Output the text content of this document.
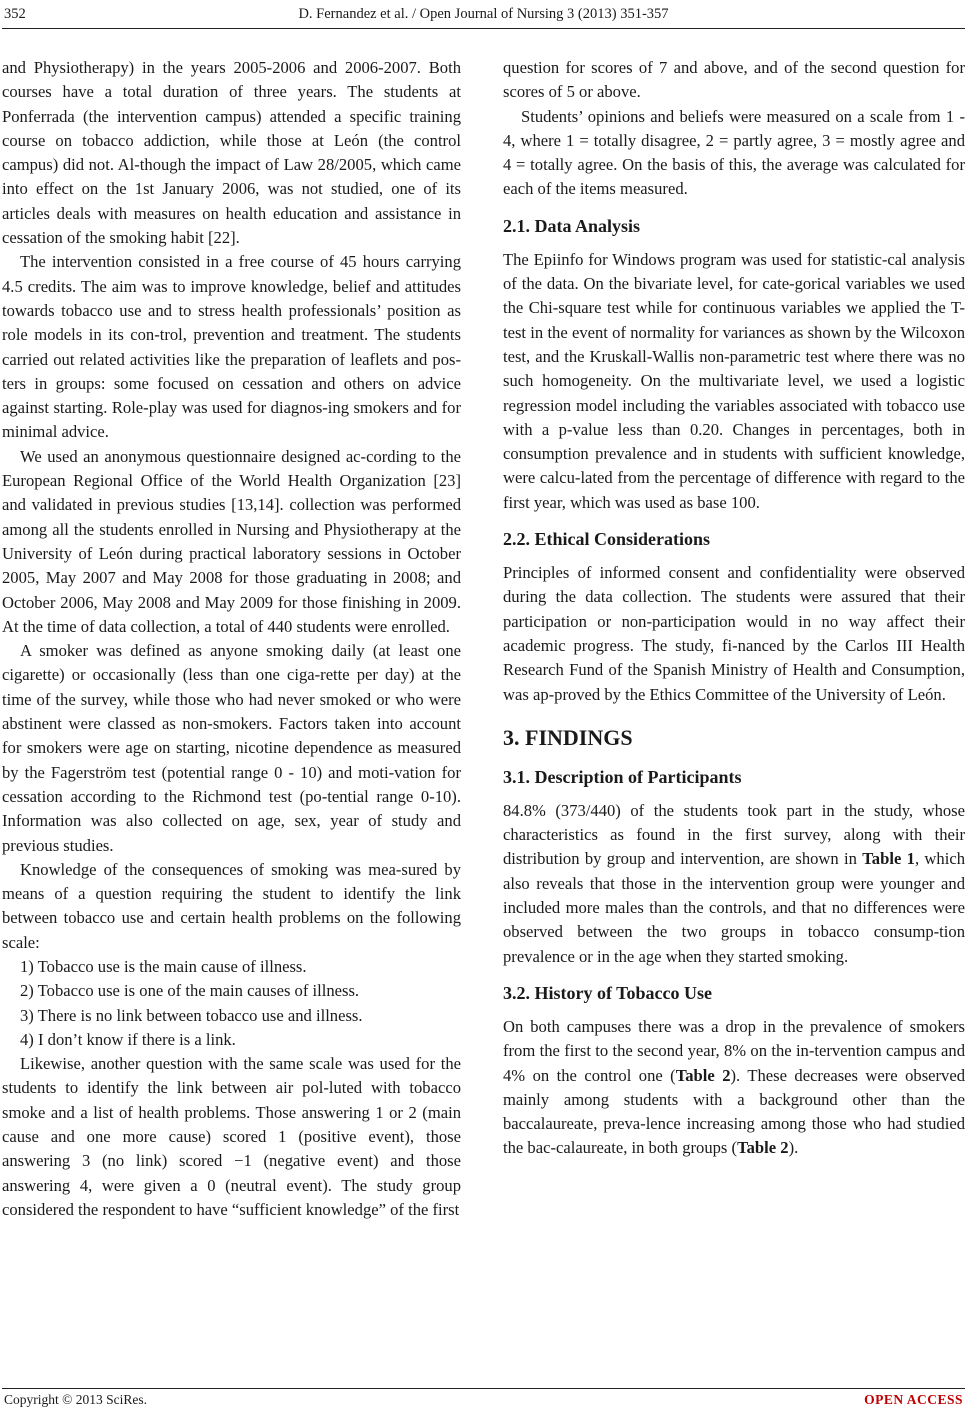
352	D. Fernandez et al. / Open Journal of Nursing 3 (2013) 351-357

and Physiotherapy) in the years 2005-2006 and 2006-2007. Both courses have a total duration of three years. The students at Ponferrada (the intervention campus) attended a specific training course on tobacco addiction, while those at León (the control campus) did not. Al-though the impact of Law 28/2005, which came into effect on the 1st January 2006, was not studied, one of its articles deals with measures on health education and assistance in cessation of the smoking habit [22].

The intervention consisted in a free course of 45 hours carrying 4.5 credits. The aim was to improve knowledge, belief and attitudes towards tobacco use and to stress health professionals’ position as role models in its con-trol, prevention and treatment. The students carried out related activities like the preparation of leaflets and pos-ters in groups: some focused on cessation and others on advice against starting. Role-play was used for diagnos-ing smokers and for minimal advice.

We used an anonymous questionnaire designed ac-cording to the European Regional Office of the World Health Organization [23] and validated in previous studies [13,14]. collection was performed among all the students enrolled in Nursing and Physiotherapy at the University of León during practical laboratory sessions in October 2005, May 2007 and May 2008 for those graduating in 2008; and October 2006, May 2008 and May 2009 for those finishing in 2009. At the time of data collection, a total of 440 students were enrolled.

A smoker was defined as anyone smoking daily (at least one cigarette) or occasionally (less than one ciga-rette per day) at the time of the survey, while those who had never smoked or who were abstinent were classed as non-smokers. Factors taken into account for smokers were age on starting, nicotine dependence as measured by the Fagerström test (potential range 0 - 10) and moti-vation for cessation according to the Richmond test (po-tential range 0-10). Information was also collected on age, sex, year of study and previous studies.

Knowledge of the consequences of smoking was mea-sured by means of a question requiring the student to identify the link between tobacco use and certain health problems on the following scale:

1) Tobacco use is the main cause of illness.

2) Tobacco use is one of the main causes of illness.

3) There is no link between tobacco use and illness.

4) I don’t know if there is a link.

Likewise, another question with the same scale was used for the students to identify the link between air pol-luted with tobacco smoke and a list of health problems. Those answering 1 or 2 (main cause and one more cause) scored 1 (positive event), those answering 3 (no link) scored −1 (negative event) and those answering 4, were given a 0 (neutral event). The study group considered the respondent to have “sufficient knowledge” of the first

question for scores of 7 and above, and of the second question for scores of 5 or above.

Students’ opinions and beliefs were measured on a scale from 1 - 4, where 1 = totally disagree, 2 = partly agree, 3 = mostly agree and 4 = totally agree. On the basis of this, the average was calculated for each of the items measured.

2.1. Data Analysis

The Epiinfo for Windows program was used for statistic-cal analysis of the data. On the bivariate level, for cate-gorical variables we used the Chi-square test while for continuous variables we applied the T-test in the event of normality for variances as shown by the Wilcoxon test, and the Kruskall-Wallis non-parametric test where there was no such homogeneity. On the multivariate level, we used a logistic regression model including the variables associated with tobacco use with a p-value less than 0.20. Changes in percentages, both in consumption prevalence and in students with sufficient knowledge, were calcu-lated from the percentage of difference with regard to the first year, which was used as base 100.

2.2. Ethical Considerations

Principles of informed consent and confidentiality were observed during the data collection. The students were assured that their participation or non-participation would in no way affect their academic progress. The study, fi-nanced by the Carlos III Health Research Fund of the Spanish Ministry of Health and Consumption, was ap-proved by the Ethics Committee of the University of León.

3. FINDINGS
3.1. Description of Participants

84.8% (373/440) of the students took part in the study, whose characteristics as found in the first survey, along with their distribution by group and intervention, are shown in Table 1, which also reveals that those in the intervention group were younger and included more males than the controls, and that no differences were observed between the two groups in tobacco consump-tion prevalence or in the age when they started smoking.

3.2. History of Tobacco Use

On both campuses there was a drop in the prevalence of smokers from the first to the second year, 8% on the in-tervention campus and 4% on the control one (Table 2). These decreases were observed mainly among students with a background other than the baccalaureate, preva-lence increasing among those who had studied the bac-calaureate, in both groups (Table 2).

Copyright © 2013 SciRes.	OPEN ACCESS
